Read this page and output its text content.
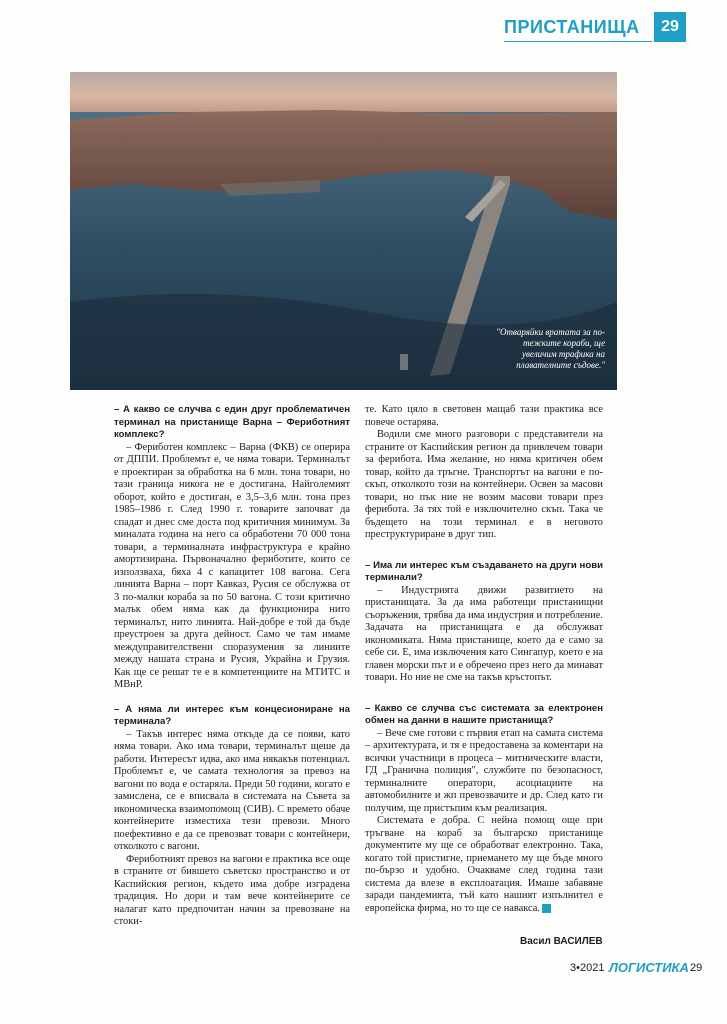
ПРИСТАНИЩА	29
"Отваряйки вратата за по-тежките кораби, ще увеличим трафика на плавателните съдове."

– А какво се случва с един друг проблематичен терминал на пристанище Варна – Фериботният комплекс?

– Фериботен комплекс – Варна (ФКВ) се оперира от ДППИ. Проблемът е, че няма товари. Терминалът е проектиран за обработка на 6 млн. тона товари, но тази граница никога не е достигана. Найголемият оборот, който е достиган, е 3,5–3,6 млн. тона през 1985–1986 г. След 1990 г. товарите започват да спадат и днес сме доста под критичния минимум. За миналата година на него са обработени 70 000 тона товари, а терминалната инфраструктура е крайно амортизирана. Първоначално фериботите, които се използваха, бяха 4 с капацитет 108 вагона. Сега линията Варна – порт Кавказ, Русия се обслужва от 3 по-малки кораба за по 50 вагона. С този критично малък обем няма как да функционира нито терминалът, нито линията. Най-добре е той да бъде преустроен за друга дейност. Само че там имаме междуправителствени споразумения за линиите между нашата страна и Русия, Украйна и Грузия. Как ще се решат те е в компетенциите на МТИТС и МВнР.

– А няма ли интерес към концесиониране на терминала?

– Такъв интерес няма откъде да се появи, като няма товари. Ако има товари, терминалът щеше да работи. Интересът идва, ако има някакъв потенциал. Проблемът е, че самата технология за превоз на вагони по вода е остаряла. Преди 50 години, когато е замислена, се е вписвала в системата на Съвета за икономическа взаимопомощ (СИВ). С времето обаче контейнерите изместиха тези превози. Много поефективно е да се превозват товари с контейнери, отколкото с вагони.

Фериботният превоз на вагони е практика все още в страните от бившето съветско пространство и от Каспийския регион, където има добре изградена традиция. Но дори и там вече контейнерите се налагат като предпочитан начин за превозване на стоки-

те. Като цяло в световен мащаб тази практика все повече остарява.

Водили сме много разговори с представители на страните от Каспийския регион да привлечем товари за ферибота. Има желание, но няма критичен обем товар, който да тръгне. Транспортът на вагони е по-скъп, отколкото този на контейнери. Освен за масови товари, но пък ние не возим масови товари през ферибота. За тях той е изключително скъп. Така че бъдещето на този терминал е в неговото преструктуриране в друг тип.

– Има ли интерес към създаването на други нови терминали?

– Индустрията движи развитието на пристанищата. За да има работещи пристанищни съоръжения, трябва да има индустрия и потребление. Задачата на пристанищата е да обслужват икономиката. Няма пристанище, което да е само за себе си. Е, има изключения като Сингапур, което е на главен морски път и е обречено през него да минават товари. Но ние не сме на такъв кръстопът.

– Какво се случва със системата за електронен обмен на данни в нашите пристанища?

– Вече сме готови с първия етап на самата система – архитектурата, и тя е предоставена за коментари на всички участници в процеса – митническите власти, ГД „Гранична полиция", службите по безопасност, терминалните оператори, асоциациите на автомобилните и жп превозвачите и др. След като ги получим, ще пристъпим към реализация.

Системата е добра. С нейна помощ още при тръгване на кораб за българско пристанище документите му ще се обработват електронно. Така, когато той пристигне, приемането му ще бъде много по-бързо и удобно. Очакваме след година тази система да влезе в експлоатация. Имаше забавяне заради пандемията, тъй като нашият изпълнител е европейска фирма, но то ще се навакса.

Васил ВАСИЛЕВ
3•2021 ЛОГИСТИКА 29
